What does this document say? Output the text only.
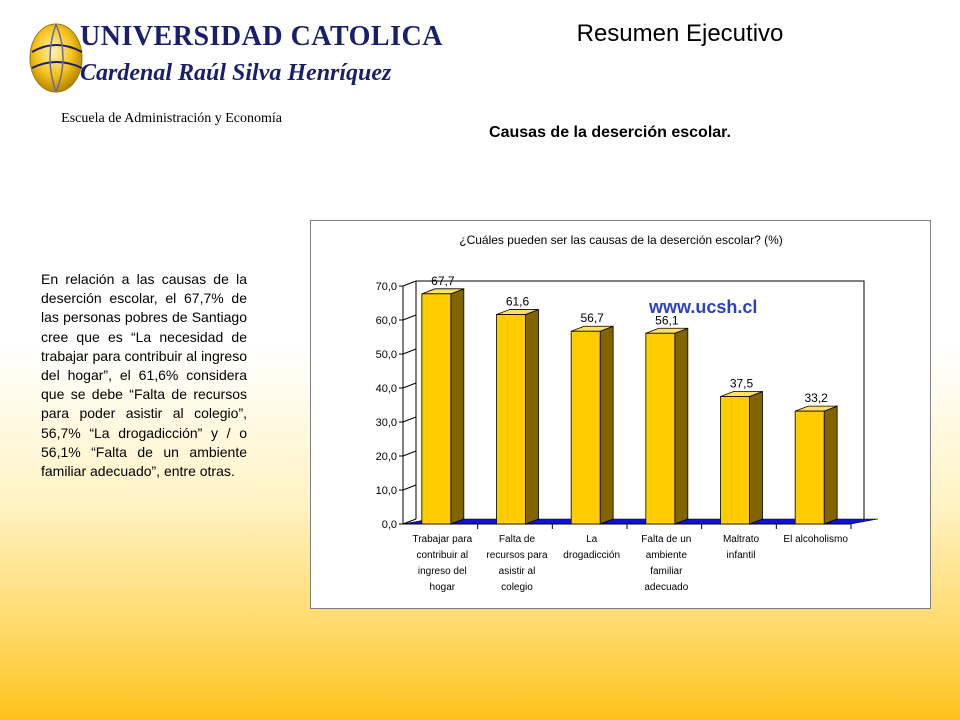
UNIVERSIDAD CATOLICA
Cardenal Raúl Silva Henríquez
Escuela de Administración y Economía
Resumen Ejecutivo
Causas de la deserción escolar.
En relación a las causas de la deserción escolar, el 67,7% de las personas pobres de Santiago cree que es “La necesidad de trabajar para contribuir al ingreso del hogar”, el 61,6% considera que se debe “Falta de recursos para poder asistir al colegio”, 56,7% “La drogadicción” y / o 56,1% “Falta de un ambiente familiar adecuado”, entre otras.
¿Cuáles pueden ser las causas de la deserción escolar? (%)
www.ucsh.cl
0,0
10,0
20,0
30,0
40,0
50,0
60,0
70,0	67,7
Trabajar para
contribuir al
ingreso del
hogar
61,6
Falta de
recursos para
asistir al
colegio
56,7
La
drogadicción
56,1
Falta de un
ambiente
familiar
adecuado
37,5
Maltrato
infantil
33,2
El alcoholismo
